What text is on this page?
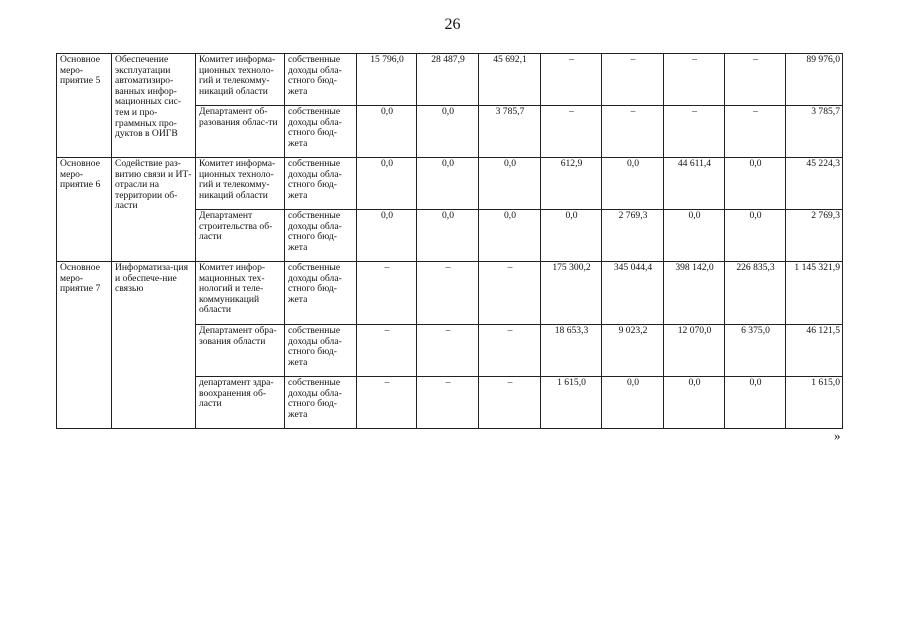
26
Основное меро-приятие 5	Обеспечение эксплуатации автоматизиро-ванных инфор-мационных сис-тем и про-граммных про-дуктов в ОИГВ	Комитет информа-ционных техноло-гий и телекомму-никаций области	собственные доходы обла-стного бюд-жета	15 796,0	28 487,9	45 692,1	–	–	–	–	89 976,0
		Департамент об-разования облас-ти	собственные доходы обла-стного бюд-жета	0,0	0,0	3 785,7	–	–	–	–	3 785,7
Основное меро-приятие 6	Содействие раз-витию связи и ИТ-отрасли на территории об-ласти	Комитет информа-ционных техноло-гий и телекомму-никаций области	собственные доходы обла-стного бюд-жета	0,0	0,0	0,0	612,9	0,0	44 611,4	0,0	45 224,3
		Департамент строительства об-ласти	собственные доходы обла-стного бюд-жета	0,0	0,0	0,0	0,0	2 769,3	0,0	0,0	2 769,3
Основное меро-приятие 7	Информатиза-ция и обеспече-ние связью	Комитет инфор-мационных тех-нологий и теле-коммуникаций области	собственные доходы обла-стного бюд-жета	–	–	–	175 300,2	345 044,4	398 142,0	226 835,3	1 145 321,9
		Департамент обра-зования области	собственные доходы обла-стного бюд-жета	–	–	–	18 653,3	9 023,2	12 070,0	6 375,0	46 121,5
		департамент здра-воохранения об-ласти	собственные доходы обла-стного бюд-жета	–	–	–	1 615,0	0,0	0,0	0,0	1 615,0
»
